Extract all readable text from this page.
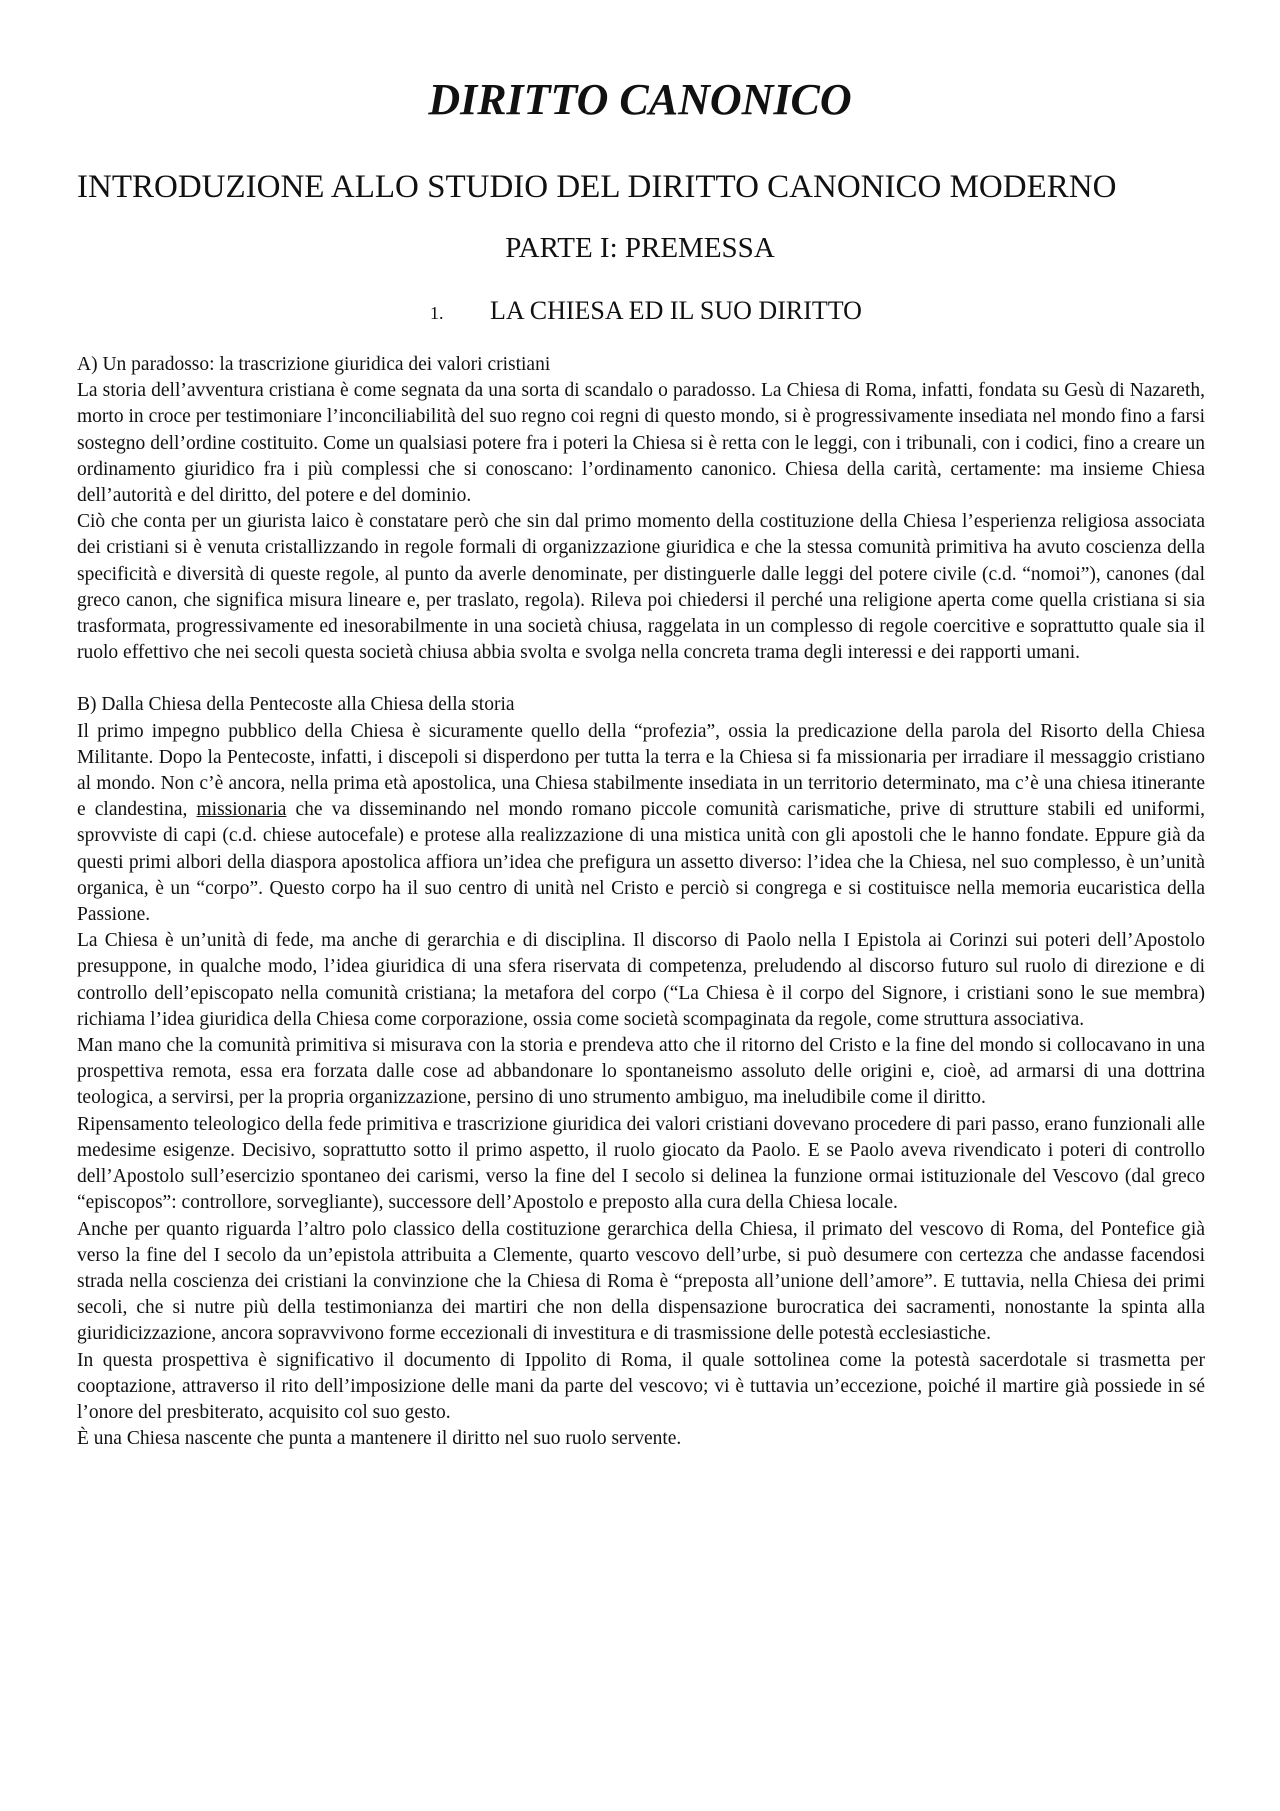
DIRITTO CANONICO
INTRODUZIONE ALLO STUDIO DEL DIRITTO CANONICO MODERNO
PARTE I: PREMESSA
1. LA CHIESA ED IL SUO DIRITTO

A) Un paradosso: la trascrizione giuridica dei valori cristiani

La storia dell’avventura cristiana è come segnata da una sorta di scandalo o paradosso. La Chiesa di Roma, infatti, fondata su Gesù di Nazareth, morto in croce per testimoniare l’inconciliabilità del suo regno coi regni di questo mondo, si è progressivamente insediata nel mondo fino a farsi sostegno dell’ordine costituito. Come un qualsiasi potere fra i poteri la Chiesa si è retta con le leggi, con i tribunali, con i codici, fino a creare un ordinamento giuridico fra i più complessi che si conoscano: l’ordinamento canonico. Chiesa della carità, certamente: ma insieme Chiesa dell’autorità e del diritto, del potere e del dominio.

Ciò che conta per un giurista laico è constatare però che sin dal primo momento della costituzione della Chiesa l’esperienza religiosa associata dei cristiani si è venuta cristallizzando in regole formali di organizzazione giuridica e che la stessa comunità primitiva ha avuto coscienza della specificità e diversità di queste regole, al punto da averle denominate, per distinguerle dalle leggi del potere civile (c.d. “nomoi”), canones (dal greco canon, che significa misura lineare e, per traslato, regola). Rileva poi chiedersi il perché una religione aperta come quella cristiana si sia trasformata, progressivamente ed inesorabilmente in una società chiusa, raggelata in un complesso di regole coercitive e soprattutto quale sia il ruolo effettivo che nei secoli questa società chiusa abbia svolta e svolga nella concreta trama degli interessi e dei rapporti umani.

B) Dalla Chiesa della Pentecoste alla Chiesa della storia

Il primo impegno pubblico della Chiesa è sicuramente quello della “profezia”, ossia la predicazione della parola del Risorto della Chiesa Militante. Dopo la Pentecoste, infatti, i discepoli si disperdono per tutta la terra e la Chiesa si fa missionaria per irradiare il messaggio cristiano al mondo. Non c’è ancora, nella prima età apostolica, una Chiesa stabilmente insediata in un territorio determinato, ma c’è una chiesa itinerante e clandestina, missionaria che va disseminando nel mondo romano piccole comunità carismatiche, prive di strutture stabili ed uniformi, sprovviste di capi (c.d. chiese autocefale) e protese alla realizzazione di una mistica unità con gli apostoli che le hanno fondate. Eppure già da questi primi albori della diaspora apostolica affiora un’idea che prefigura un assetto diverso: l’idea che la Chiesa, nel suo complesso, è un’unità organica, è un “corpo”. Questo corpo ha il suo centro di unità nel Cristo e perciò si congrega e si costituisce nella memoria eucaristica della Passione.

La Chiesa è un’unità di fede, ma anche di gerarchia e di disciplina. Il discorso di Paolo nella I Epistola ai Corinzi sui poteri dell’Apostolo presuppone, in qualche modo, l’idea giuridica di una sfera riservata di competenza, preludendo al discorso futuro sul ruolo di direzione e di controllo dell’episcopato nella comunità cristiana; la metafora del corpo (“La Chiesa è il corpo del Signore, i cristiani sono le sue membra) richiama l’idea giuridica della Chiesa come corporazione, ossia come società scompaginata da regole, come struttura associativa.

Man mano che la comunità primitiva si misurava con la storia e prendeva atto che il ritorno del Cristo e la fine del mondo si collocavano in una prospettiva remota, essa era forzata dalle cose ad abbandonare lo spontaneismo assoluto delle origini e, cioè, ad armarsi di una dottrina teologica, a servirsi, per la propria organizzazione, persino di uno strumento ambiguo, ma ineludibile come il diritto.

Ripensamento teleologico della fede primitiva e trascrizione giuridica dei valori cristiani dovevano procedere di pari passo, erano funzionali alle medesime esigenze. Decisivo, soprattutto sotto il primo aspetto, il ruolo giocato da Paolo. E se Paolo aveva rivendicato i poteri di controllo dell’Apostolo sull’esercizio spontaneo dei carismi, verso la fine del I secolo si delinea la funzione ormai istituzionale del Vescovo (dal greco “episcopos”: controllore, sorvegliante), successore dell’Apostolo e preposto alla cura della Chiesa locale.

Anche per quanto riguarda l’altro polo classico della costituzione gerarchica della Chiesa, il primato del vescovo di Roma, del Pontefice già verso la fine del I secolo da un’epistola attribuita a Clemente, quarto vescovo dell’urbe, si può desumere con certezza che andasse facendosi strada nella coscienza dei cristiani la convinzione che la Chiesa di Roma è “preposta all’unione dell’amore”. E tuttavia, nella Chiesa dei primi secoli, che si nutre più della testimonianza dei martiri che non della dispensazione burocratica dei sacramenti, nonostante la spinta alla giuridicizzazione, ancora sopravvivono forme eccezionali di investitura e di trasmissione delle potestà ecclesiastiche.

In questa prospettiva è significativo il documento di Ippolito di Roma, il quale sottolinea come la potestà sacerdotale si trasmetta per cooptazione, attraverso il rito dell’imposizione delle mani da parte del vescovo; vi è tuttavia un’eccezione, poiché il martire già possiede in sé l’onore del presbiterato, acquisito col suo gesto.

È una Chiesa nascente che punta a mantenere il diritto nel suo ruolo servente.
